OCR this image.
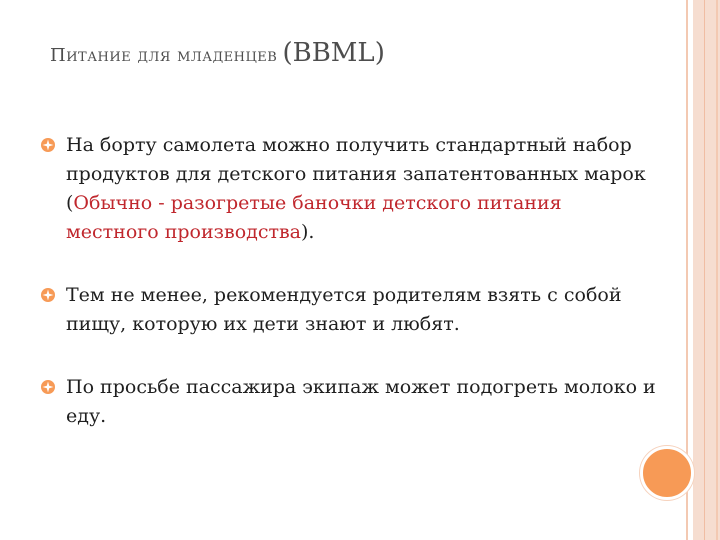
Питание для младенцев (BBML)
На борту самолета можно получить стандартный набор продуктов для детского питания запатентованных марок (Обычно - разогретые баночки детского питания местного производства).
Тем не менее, рекомендуется родителям взять с собой пищу, которую их дети знают и любят.
По просьбе пассажира экипаж может подогреть молоко и еду.
